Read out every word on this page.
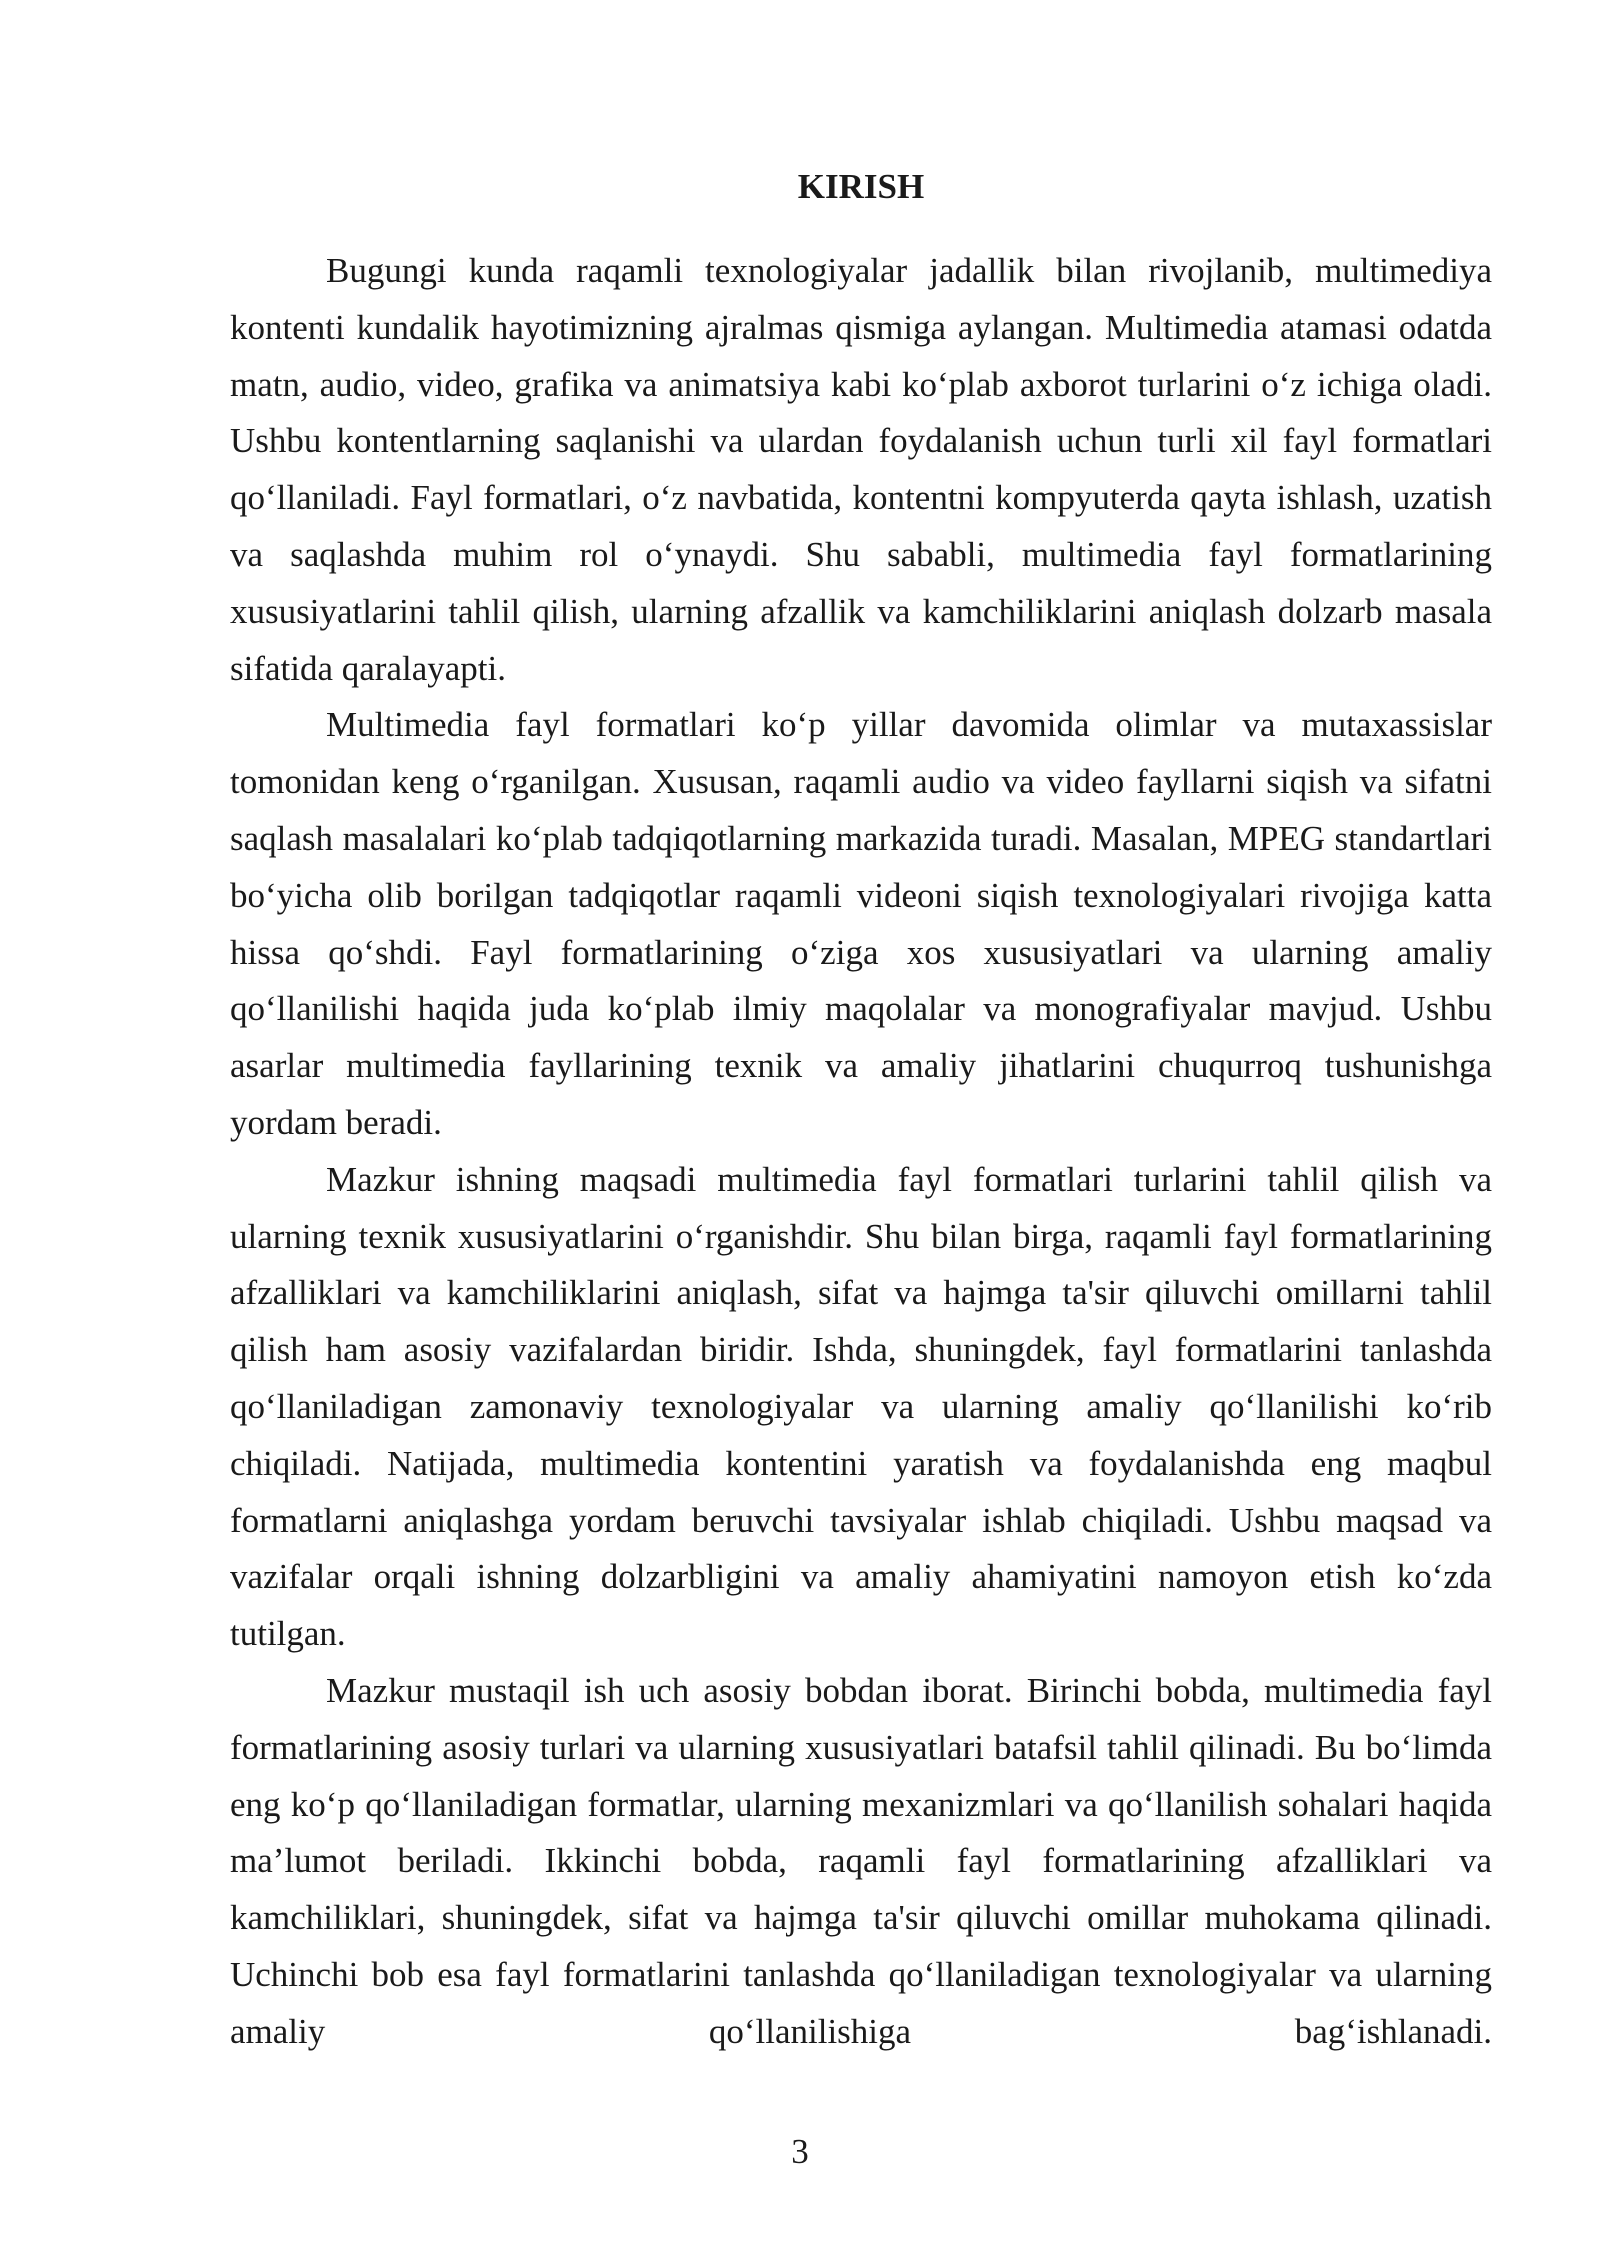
KIRISH

Bugungi kunda raqamli texnologiyalar jadallik bilan rivojlanib, multimediya kontenti kundalik hayotimizning ajralmas qismiga aylangan. Multimedia atamasi odatda matn, audio, video, grafika va animatsiya kabi ko‘plab axborot turlarini o‘z ichiga oladi. Ushbu kontentlarning saqlanishi va ulardan foydalanish uchun turli xil fayl formatlari qo‘llaniladi. Fayl formatlari, o‘z navbatida, kontentni kompyuterda qayta ishlash, uzatish va saqlashda muhim rol o‘ynaydi. Shu sababli, multimedia fayl formatlarining xususiyatlarini tahlil qilish, ularning afzallik va kamchiliklarini aniqlash dolzarb masala sifatida qaralayapti.

Multimedia fayl formatlari ko‘p yillar davomida olimlar va mutaxassislar tomonidan keng o‘rganilgan. Xususan, raqamli audio va video fayllarni siqish va sifatni saqlash masalalari ko‘plab tadqiqotlarning markazida turadi. Masalan, MPEG standartlari bo‘yicha olib borilgan tadqiqotlar raqamli videoni siqish texnologiyalari rivojiga katta hissa qo‘shdi. Fayl formatlarining o‘ziga xos xususiyatlari va ularning amaliy qo‘llanilishi haqida juda ko‘plab ilmiy maqolalar va monografiyalar mavjud. Ushbu asarlar multimedia fayllarining texnik va amaliy jihatlarini chuqurroq tushunishga yordam beradi.

Mazkur ishning maqsadi multimedia fayl formatlari turlarini tahlil qilish va ularning texnik xususiyatlarini o‘rganishdir. Shu bilan birga, raqamli fayl formatlarining afzalliklari va kamchiliklarini aniqlash, sifat va hajmga ta'sir qiluvchi omillarni tahlil qilish ham asosiy vazifalardan biridir. Ishda, shuningdek, fayl formatlarini tanlashda qo‘llaniladigan zamonaviy texnologiyalar va ularning amaliy qo‘llanilishi ko‘rib chiqiladi. Natijada, multimedia kontentini yaratish va foydalanishda eng maqbul formatlarni aniqlashga yordam beruvchi tavsiyalar ishlab chiqiladi. Ushbu maqsad va vazifalar orqali ishning dolzarbligini va amaliy ahamiyatini namoyon etish ko‘zda tutilgan.

Mazkur mustaqil ish uch asosiy bobdan iborat. Birinchi bobda, multimedia fayl formatlarining asosiy turlari va ularning xususiyatlari batafsil tahlil qilinadi. Bu bo‘limda eng ko‘p qo‘llaniladigan formatlar, ularning mexanizmlari va qo‘llanilish sohalari haqida ma’lumot beriladi. Ikkinchi bobda, raqamli fayl formatlarining afzalliklari va kamchiliklari, shuningdek, sifat va hajmga ta'sir qiluvchi omillar muhokama qilinadi. Uchinchi bob esa fayl formatlarini tanlashda qo‘llaniladigan texnologiyalar va ularning amaliy qo‘llanilishiga bag‘ishlanadi.

3
